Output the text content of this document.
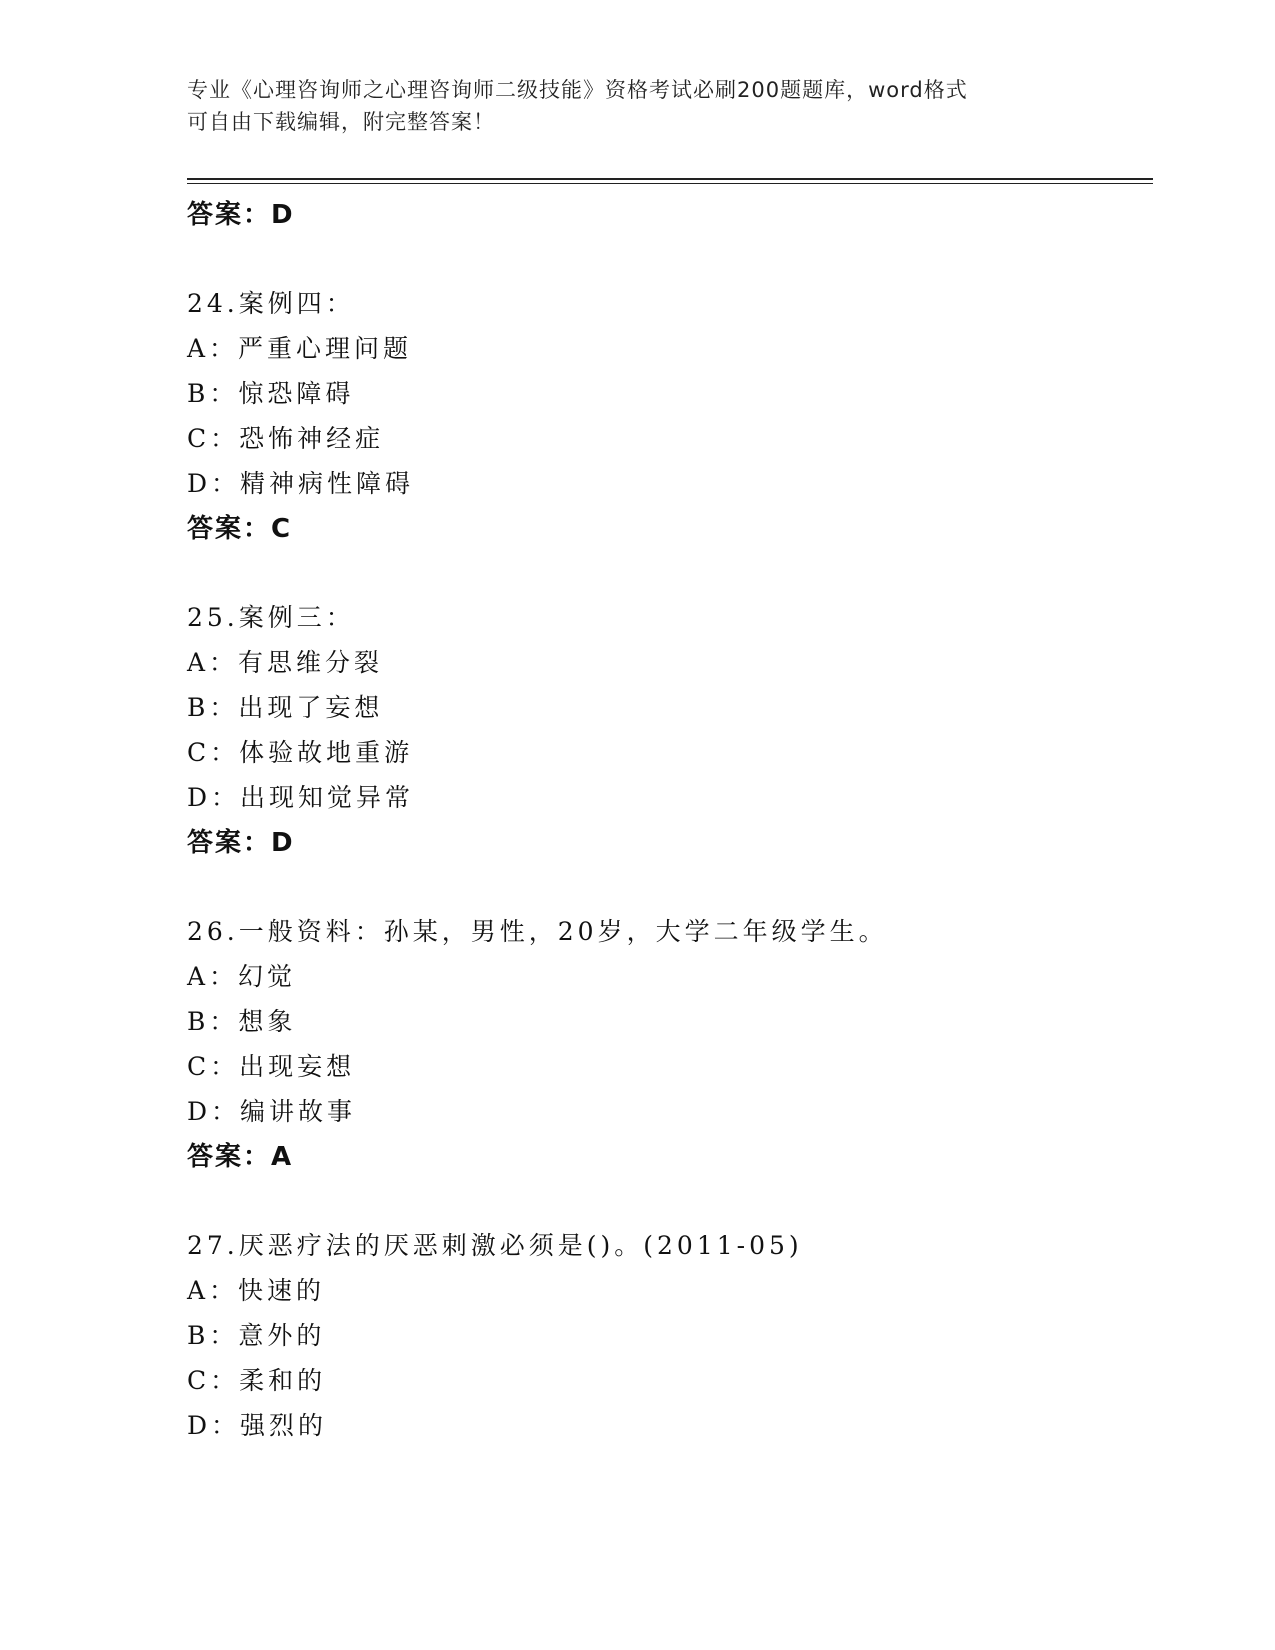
专业《心理咨询师之心理咨询师二级技能》资格考试必刷200题题库，word格式
可自由下载编辑，附完整答案！
答案：D
24.案例四：
A：严重心理问题
B：惊恐障碍
C：恐怖神经症
D：精神病性障碍
答案：C
25.案例三：
A：有思维分裂
B：出现了妄想
C：体验故地重游
D：出现知觉异常
答案：D
26.一般资料：孙某，男性，20岁，大学二年级学生。
A：幻觉
B：想象
C：出现妄想
D：编讲故事
答案：A
27.厌恶疗法的厌恶刺激必须是()。(2011-05)
A：快速的
B：意外的
C：柔和的
D：强烈的
